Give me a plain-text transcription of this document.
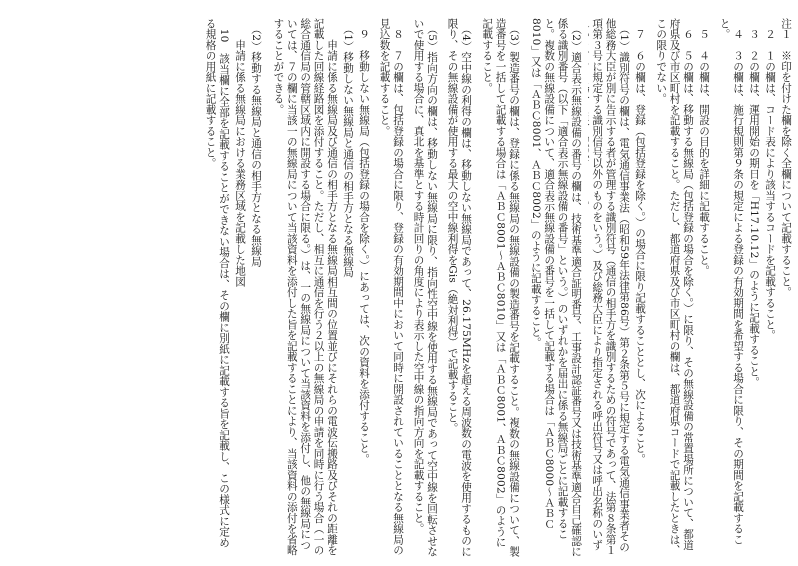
注１　※印を付けた欄を除く全欄について記載すること。
　２　１の欄は、コード表により該当するコードを記載すること。
　３　２の欄は、運用開始の期日を「H17.10.12」のように記載すること。
　４　３の欄は、施行規則第９条の規定による登録の有効期間を希望する場合に限り、その期間を記載すること。
　５　４の欄は、開設の目的を詳細に記載すること。
　６　５の欄は、移動する無線局（包括登録の場合を除く。）に限り、その無線設備の常置場所について、都道府県及び市区町村を記載すること。ただし、都道府県及び市区町村の欄は、都道府県コードで記載したときは、この限りでない。
　７　６の欄は、登録（包括登録を除く。）の場合に限り記載することとし、次によること。
　（1）識別符号の欄は、電気通信事業法（昭和59年法律第86号）第２条第５号に規定する電気通信事業者その他総務大臣が別に告示する者が管理する識別符号（通信の相手方を識別するための符号であって、法第８条第１項第３号に規定する識別信号以外のものをいう。）及び総務大臣により指定される呼出符号又は呼出名称のいず
　（2）適合表示無線設備の番号の欄は、技術基準適合証明番号、工事設計認証番号又は技術基準適合自己確認に係る識別番号（以下「適合表示無線設備の番号」という。）のいずれかを届出に係る無線局ごとに記載すること。複数の無線設備について、適合表示無線設備の番号を一括して記載する場合は「ＡＢＣ8000～ＡＢＣ8010」又は「ＡＢＣ8001、ＡＢＣ8002」のように記載すること。
　（3）製造番号の欄は、登録に係る無線局の無線設備の製造番号を記載すること。複数の無線設備について、製造番号を一括して記載する場合は「ＡＢＣ8001～ＡＢＣ8010」又は「ＡＢＣ8001、ＡＢＣ8002」のように記載すること。
　（4）空中線の利得の欄は、移動しない無線局であって、26.175MHzを超える周波数の電波を使用するものに限り、その無線設備が使用する最大の空中線利得をGis（絶対利得）で記載すること。
　（5）指向方向の欄は、移動しない無線局に限り、指向性空中線を使用する無線局であって空中線を回転させないで使用する場合に、真北を基準とする時計回りの角度により表示した空中線の指向方向を記載すること。
　８　７の欄は、包括登録の場合に限り、登録の有効期間中において同時に開設されていることとなる無線局の見込数を記載すること。
　９　移動しない無線局（包括登録の場合を除く。）にあっては、次の資料を添付すること。
　（1）移動しない無線局と通信の相手方となる無線局
　　申請に係る無線局及び通信の相手方となる無線局相互間の位置並びにそれらの電波伝搬路及びそれの距離を記載した回線経路図を添付すること。ただし、相互に通信を行う２以上の無線局の申請を同時に行う場合（一の総合通信局の管轄区域内に開設する場合に限る。）は、一の無線局について当該資料を添付し、他の無線局については、７の欄に当該一の無線局について当該資料を添付した旨を記載することにより、当該資料の添付を省略することができる。
　（2）移動する無線局と通信の相手方となる無線局
　　申請に係る無線局における業務区域を記載した地図
　10　該当欄に全部を記載することができない場合は、その欄に別紙に記載する旨を記載し、この様式に定める規格の用紙に記載すること。
